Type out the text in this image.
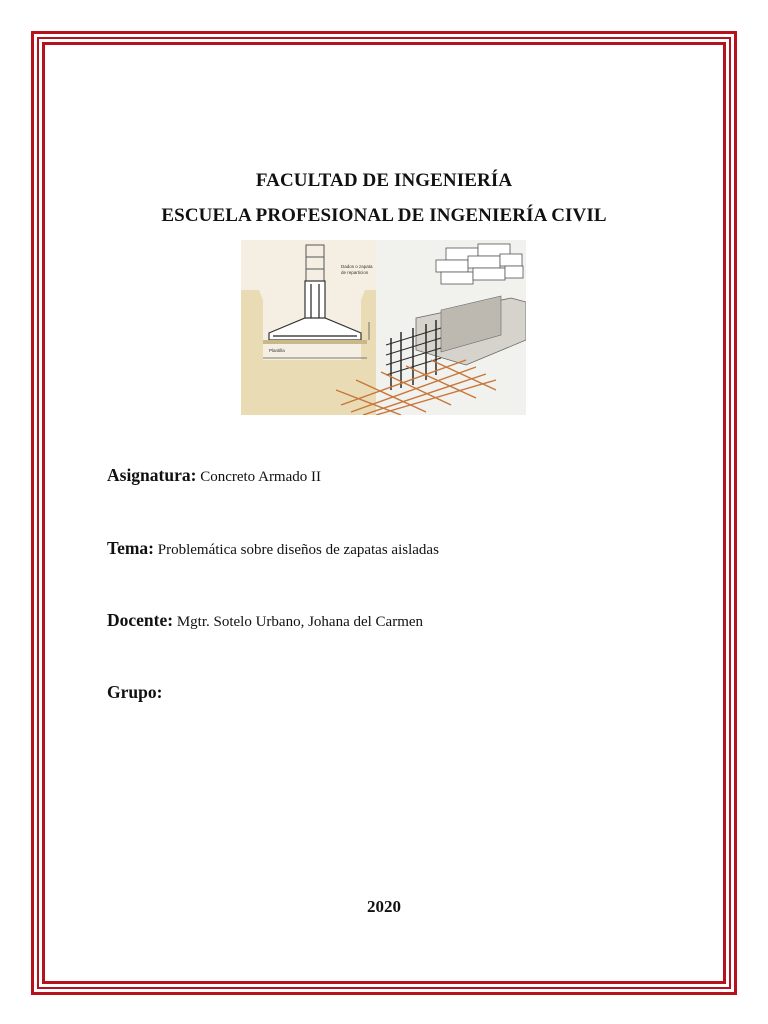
FACULTAD DE INGENIERÍA
ESCUELA PROFESIONAL DE INGENIERÍA CIVIL
Dados o zapata
de reparticion
Plantilla
Asignatura: Concreto Armado II
Tema: Problemática sobre diseños de zapatas aisladas
Docente: Mgtr. Sotelo Urbano, Johana del Carmen
Grupo:
2020
